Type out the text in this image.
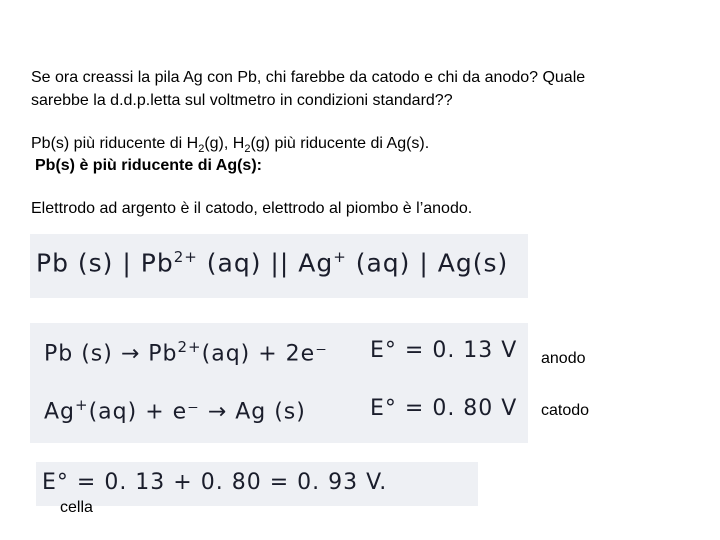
Se ora creassi la pila Ag con Pb, chi farebbe da catodo e chi da anodo? Quale
sarebbe la d.d.p.letta sul voltmetro in condizioni standard??
Pb(s) più riducente di $H_2(g)$, $H_2(g)$ più riducente di Ag(s).
Pb(s) è più riducente di Ag(s):
Elettrodo ad argento è il catodo, elettrodo al piombo è l’anodo.
Pb (s) | $Pb^{2+}$ (aq) || Ag+ (aq) | Ag(s)
Pb $(s) \to Pb^{2+}(aq) + 2e^-$ E° = 0. 13 V
Ag+(aq) + e⁻ → Ag (s)	E° = 0. 80 V
anodo
catodo
E° = 0. 13 + 0. 80 = 0. 93 V.
cella
